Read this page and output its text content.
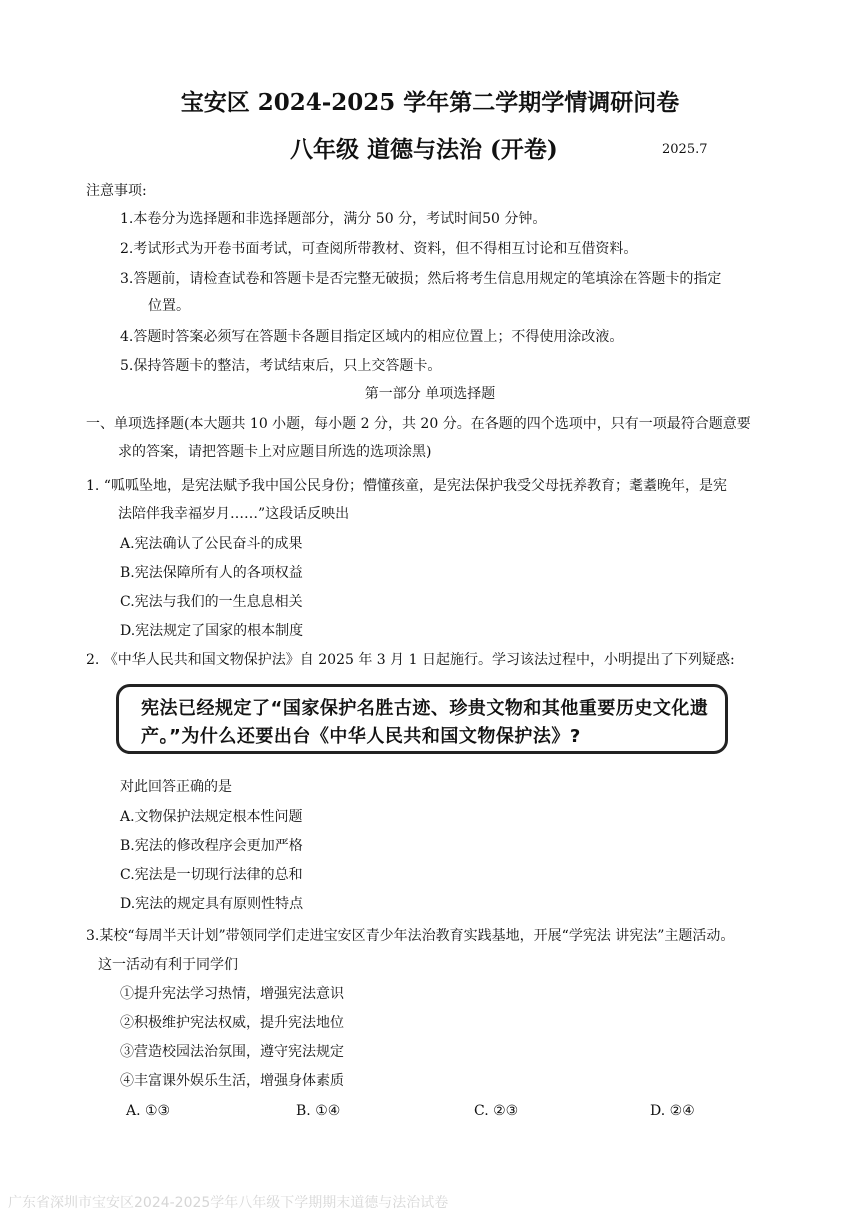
宝安区 2024-2025 学年第二学期学情调研问卷
八年级 道德与法治 (开卷)	2025.7
注意事项:
1.本卷分为选择题和非选择题部分，满分 50 分，考试时间50 分钟。
2.考试形式为开卷书面考试，可查阅所带教材、资料，但不得相互讨论和互借资料。
3.答题前，请检查试卷和答题卡是否完整无破损；然后将考生信息用规定的笔填涂在答题卡的指定
位置。
4.答题时答案必须写在答题卡各题目指定区域内的相应位置上；不得使用涂改液。
5.保持答题卡的整洁，考试结束后，只上交答题卡。
第一部分 单项选择题
一、单项选择题(本大题共 10 小题，每小题 2 分，共 20 分。在各题的四个选项中，只有一项最符合题意要
求的答案，请把答题卡上对应题目所选的选项涂黑)
1. “呱呱坠地，是宪法赋予我中国公民身份；懵懂孩童，是宪法保护我受父母抚养教育；耄耋晚年，是宪
法陪伴我幸福岁月……”这段话反映出
A.宪法确认了公民奋斗的成果
B.宪法保障所有人的各项权益
C.宪法与我们的一生息息相关
D.宪法规定了国家的根本制度
2. 《中华人民共和国文物保护法》自 2025 年 3 月 1 日起施行。学习该法过程中，小明提出了下列疑惑:
宪法已经规定了“国家保护名胜古迹、珍贵文物和其他重要历史文化遗产。”为什么还要出台《中华人民共和国文物保护法》?
对此回答正确的是
A.文物保护法规定根本性问题
B.宪法的修改程序会更加严格
C.宪法是一切现行法律的总和
D.宪法的规定具有原则性特点
3.某校“每周半天计划”带领同学们走进宝安区青少年法治教育实践基地，开展“学宪法 讲宪法”主题活动。
这一活动有利于同学们
①提升宪法学习热情，增强宪法意识
②积极维护宪法权威，提升宪法地位
③营造校园法治氛围，遵守宪法规定
④丰富课外娱乐生活，增强身体素质
A. ①③	B. ①④	C. ②③	D. ②④
广东省深圳市宝安区2024-2025学年八年级下学期期末道德与法治试卷
